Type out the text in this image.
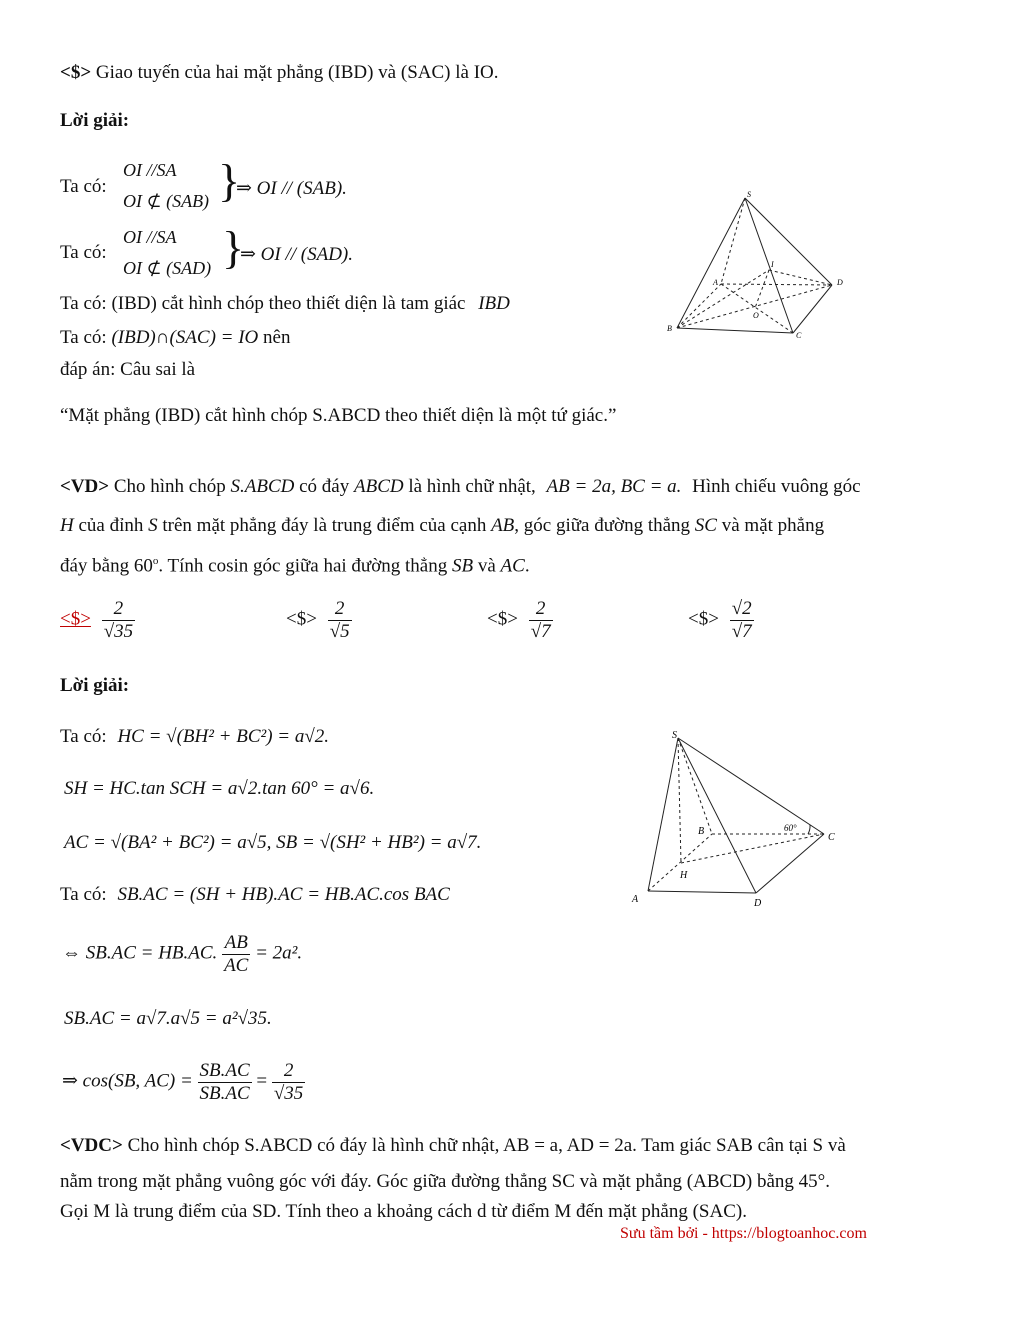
<$> Giao tuyến của hai mặt phẳng (IBD) và (SAC) là IO.
Lời giải:
Ta có:
OI //SA
OI ⊄ (SAB) }
⇒ OI // (SAB).
Ta có:
OI //SA
OI ⊄ (SAD) }
⇒ OI // (SAD).
Ta có: (IBD) cắt hình chóp theo thiết diện là tam giác IBD
Ta có: (IBD)∩(SAC) = IO nên
đáp án: Câu sai là
“Mặt phẳng (IBD) cắt hình chóp S.ABCD theo thiết diện là một tứ giác.”
S
I
A	D
O
B
C
<VD> Cho hình chóp S.ABCD có đáy ABCD là hình chữ nhật, AB = 2a, BC = a. Hình chiếu vuông góc
H của đỉnh S trên mặt phẳng đáy là trung điểm của cạnh AB, góc giữa đường thẳng SC và mặt phẳng
đáy bằng 60$^o$. Tính cosin góc giữa hai đường thẳng SB và AC.
<$> $\frac{2}{√35}$	<$> $\frac{2}{√5}$	<$> $\frac{2}{√7}$	<$> $\frac{√2}{√7}$
Lời giải:
Ta có: HC = √(BH² + BC²) = a√2.
SH = HC.tan SCH = a√2.tan 60° = a√6.
AC = √(BA² + BC²) = a√5, SB = √(SH² + HB²) = a√7.
Ta có: SB.AC = (SH + HB).AC = HB.AC.cos BAC
⇔ SB.AC = HB.AC. $\frac{AB}{AC} = 2a^2$.
SB.AC = a√7.a√5 = a²√35.
⇒ cos(SB, $AC) = \frac{SB.AC}{SB.AC} = \frac{2}{√35}$
S
B	60°
C
H
A	D
<VDC> Cho hình chóp S.ABCD có đáy là hình chữ nhật, AB = a, AD = 2a. Tam giác SAB cân tại S và
nằm trong mặt phẳng vuông góc với đáy. Góc giữa đường thẳng SC và mặt phẳng (ABCD) bằng 45°.
Gọi M là trung điểm của SD. Tính theo a khoảng cách d từ điểm M đến mặt phẳng (SAC).
Sưu tầm bởi - https://blogtoanhoc.com
